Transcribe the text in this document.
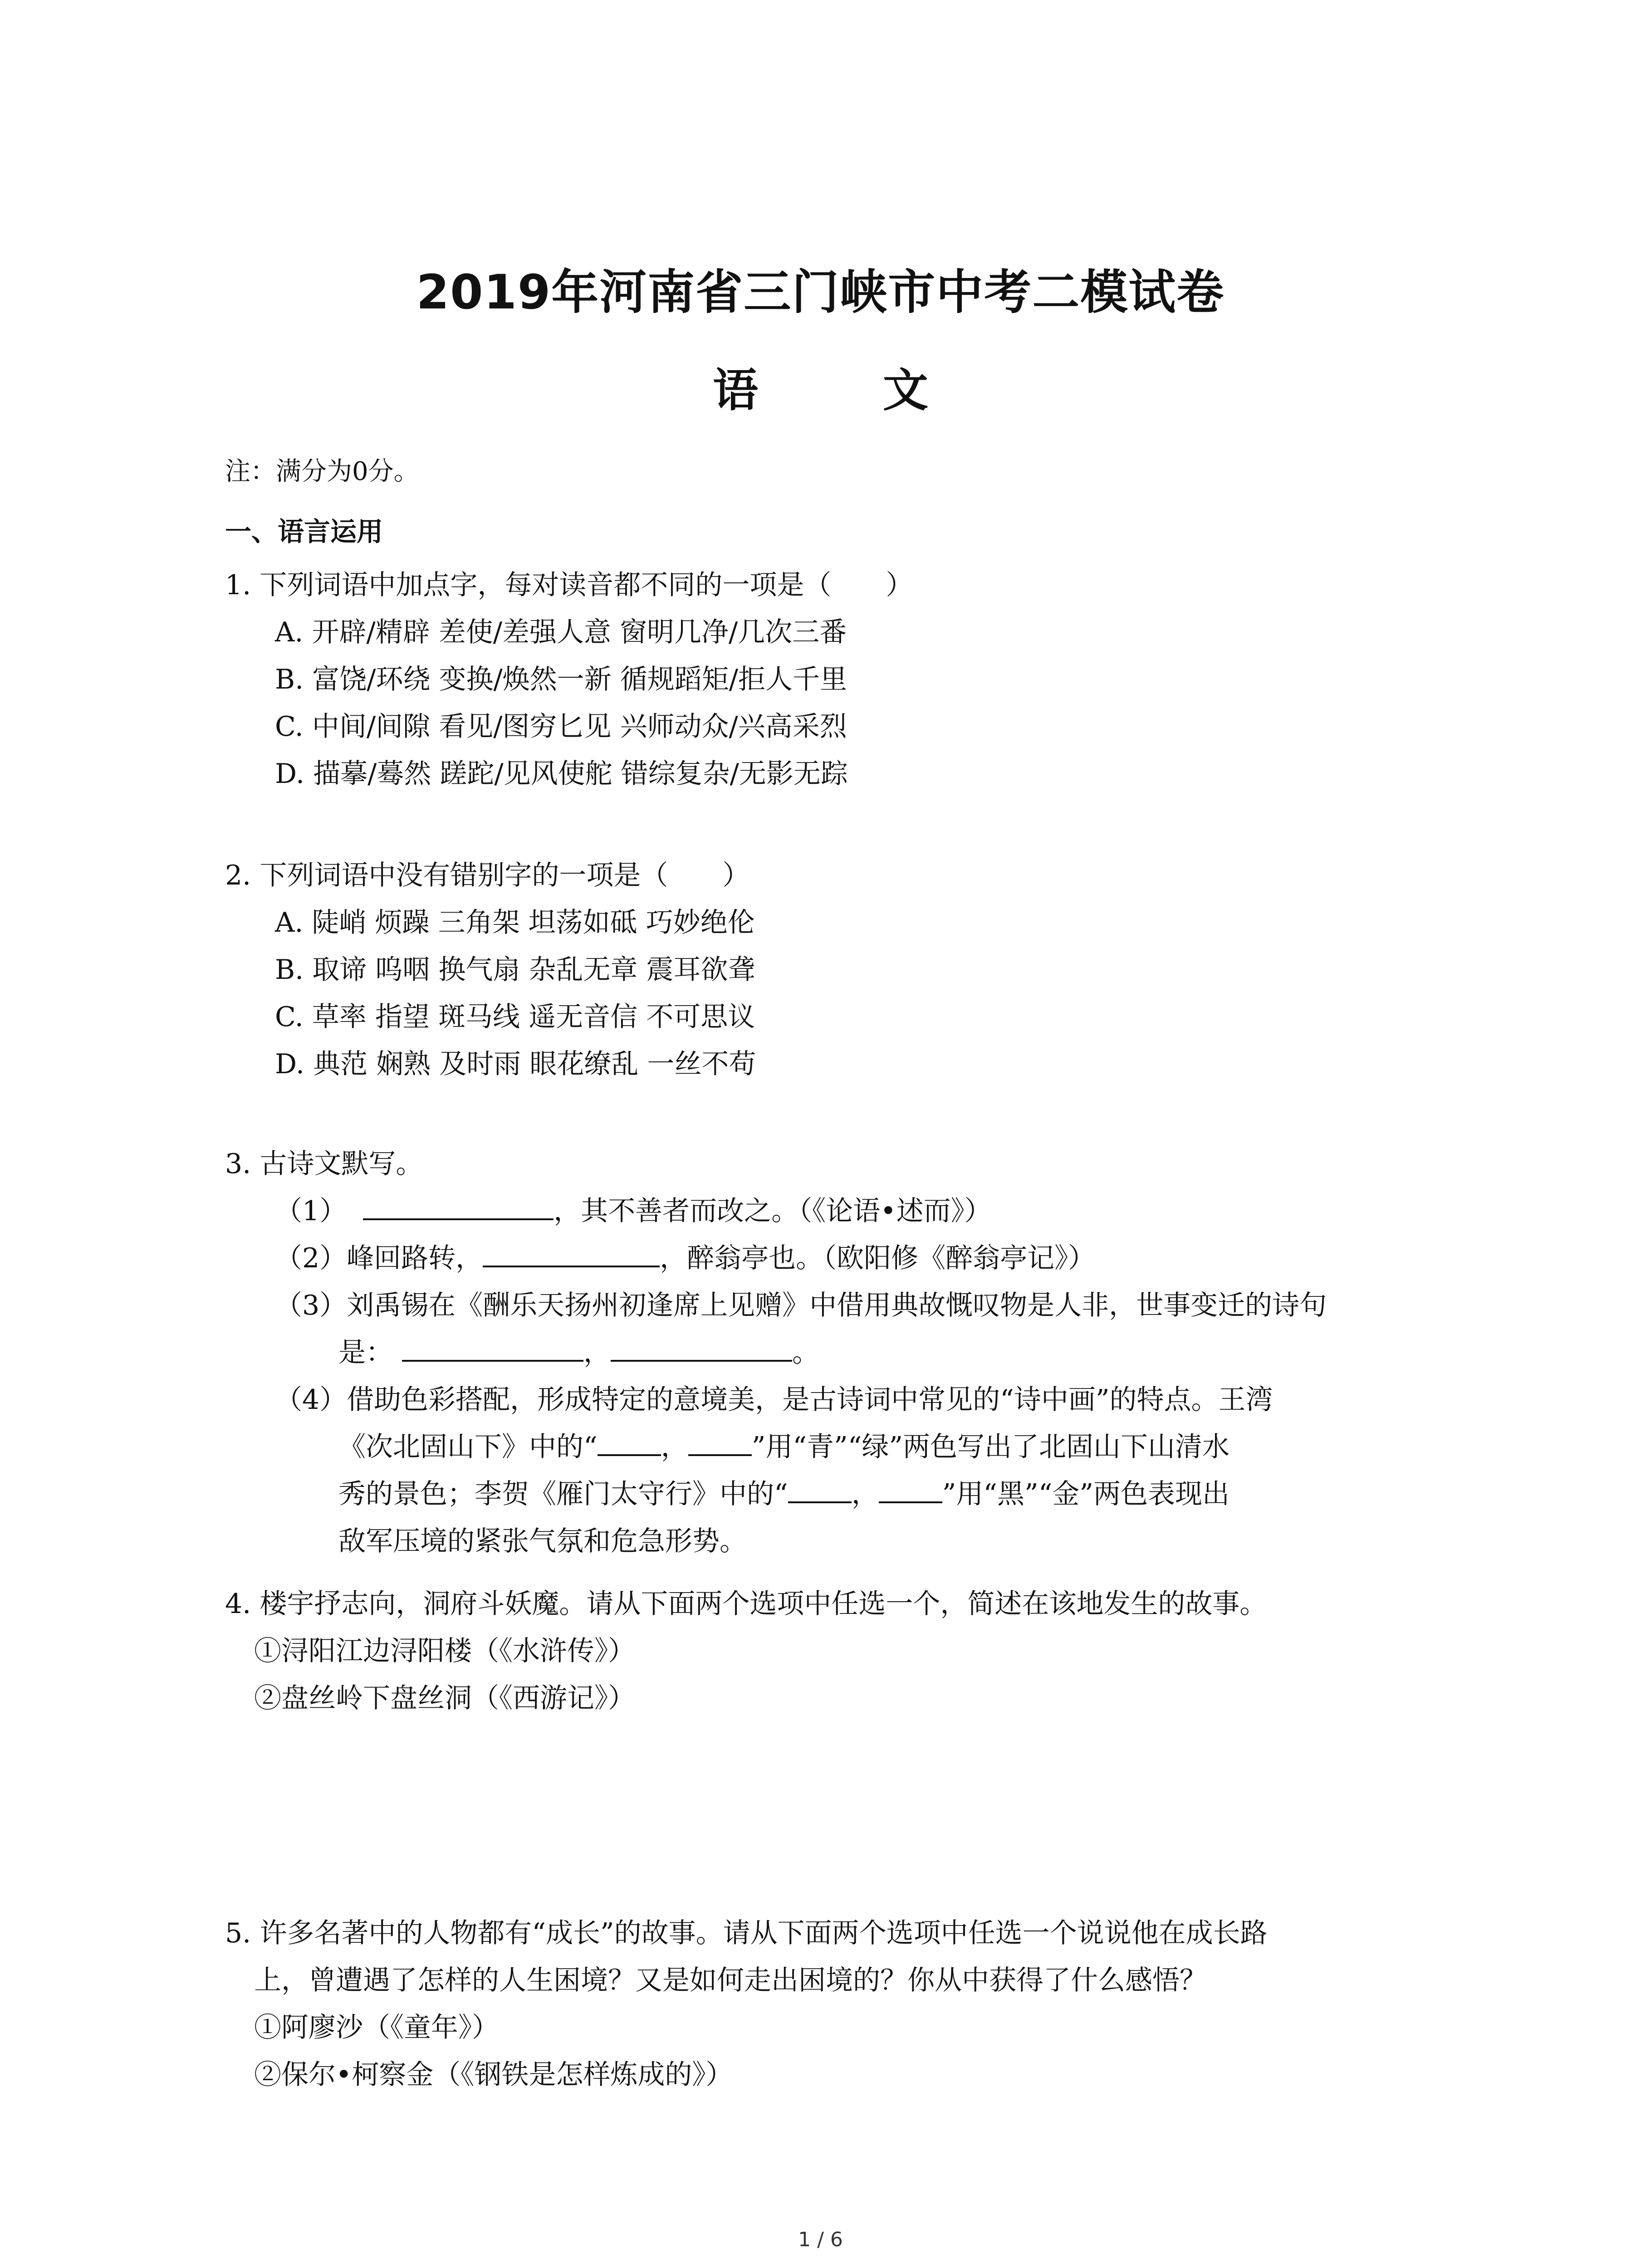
2019年河南省三门峡市中考二模试卷
语 文
注：满分为0分。
一、语言运用
1. 下列词语中加点字，每对读音都不同的一项是（　　）
A. 开辟/精辟 差使/差强人意 窗明几净/几次三番
B. 富饶/环绕 变换/焕然一新 循规蹈矩/拒人千里
C. 中间/间隙 看见/图穷匕见 兴师动众/兴高采烈
D. 描摹/蓦然 蹉跎/见风使舵 错综复杂/无影无踪
2. 下列词语中没有错别字的一项是（　　）
A. 陡峭 烦躁 三角架 坦荡如砥 巧妙绝伦
B. 取谛 呜咽 换气扇 杂乱无章 震耳欲聋
C. 草率 指望 斑马线 遥无音信 不可思议
D. 典范 娴熟 及时雨 眼花缭乱 一丝不苟
3. 古诗文默写。
（1）	，其不善者而改之。（《论语•述而》）
（2）峰回路转，	，醉翁亭也。（欧阳修《醉翁亭记》）
（3）刘禹锡在《酬乐天扬州初逢席上见赠》中借用典故慨叹物是人非，世事变迁的诗句
是：	，	。
（4）借助色彩搭配，形成特定的意境美，是古诗词中常见的“诗中画”的特点。王湾
《次北固山下》中的“ ， ”用“青”“绿”两色写出了北固山下山清水
秀的景色；李贺《雁门太守行》中的“ ， ”用“黑”“金”两色表现出
敌军压境的紧张气氛和危急形势。
4. 楼宇抒志向，洞府斗妖魔。请从下面两个选项中任选一个，简述在该地发生的故事。
①浔阳江边浔阳楼（《水浒传》）
②盘丝岭下盘丝洞（《西游记》）
5. 许多名著中的人物都有“成长”的故事。请从下面两个选项中任选一个说说他在成长路
上，曾遭遇了怎样的人生困境？又是如何走出困境的？你从中获得了什么感悟？
①阿廖沙（《童年》）
②保尔•柯察金（《钢铁是怎样炼成的》）
1 / 6
